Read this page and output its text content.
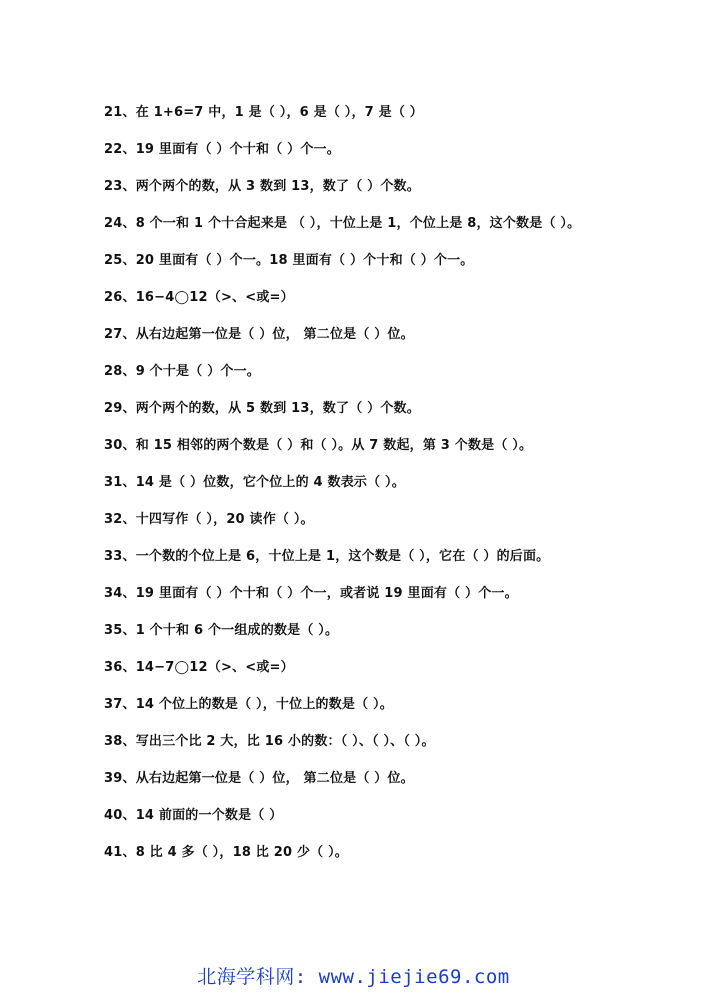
21、在 1+6=7 中，1 是（ ），6 是（ ），7 是（ ）
22、19 里面有（ ）个十和（ ）个一。
23、两个两个的数，从 3 数到 13，数了（ ）个数。
24、8 个一和 1 个十合起来是 （ ），十位上是 1，个位上是 8，这个数是（ ）。
25、20 里面有（ ）个一。18 里面有（ ）个十和（ ）个一。
26、16−4◯12（>、<或=）
27、从右边起第一位是（ ）位， 第二位是（ ）位。
28、9 个十是（ ）个一。
29、两个两个的数，从 5 数到 13，数了（ ）个数。
30、和 15 相邻的两个数是（ ）和（ ）。从 7 数起，第 3 个数是（ ）。
31、14 是（ ）位数，它个位上的 4 数表示（ ）。
32、十四写作（ ），20 读作（ ）。
33、一个数的个位上是 6，十位上是 1，这个数是（ ），它在（ ）的后面。
34、19 里面有（ ）个十和（ ）个一，或者说 19 里面有（ ）个一。
35、1 个十和 6 个一组成的数是（ ）。
36、14−7◯12（>、<或=）
37、14 个位上的数是（ ），十位上的数是（ ）。
38、写出三个比 2 大，比 16 小的数：（ ）、（ ）、（ ）。
39、从右边起第一位是（ ）位， 第二位是（ ）位。
40、14 前面的一个数是（ ）
41、8 比 4 多（ ），18 比 20 少（ ）。
北海学科网: www.jiejie69.com
